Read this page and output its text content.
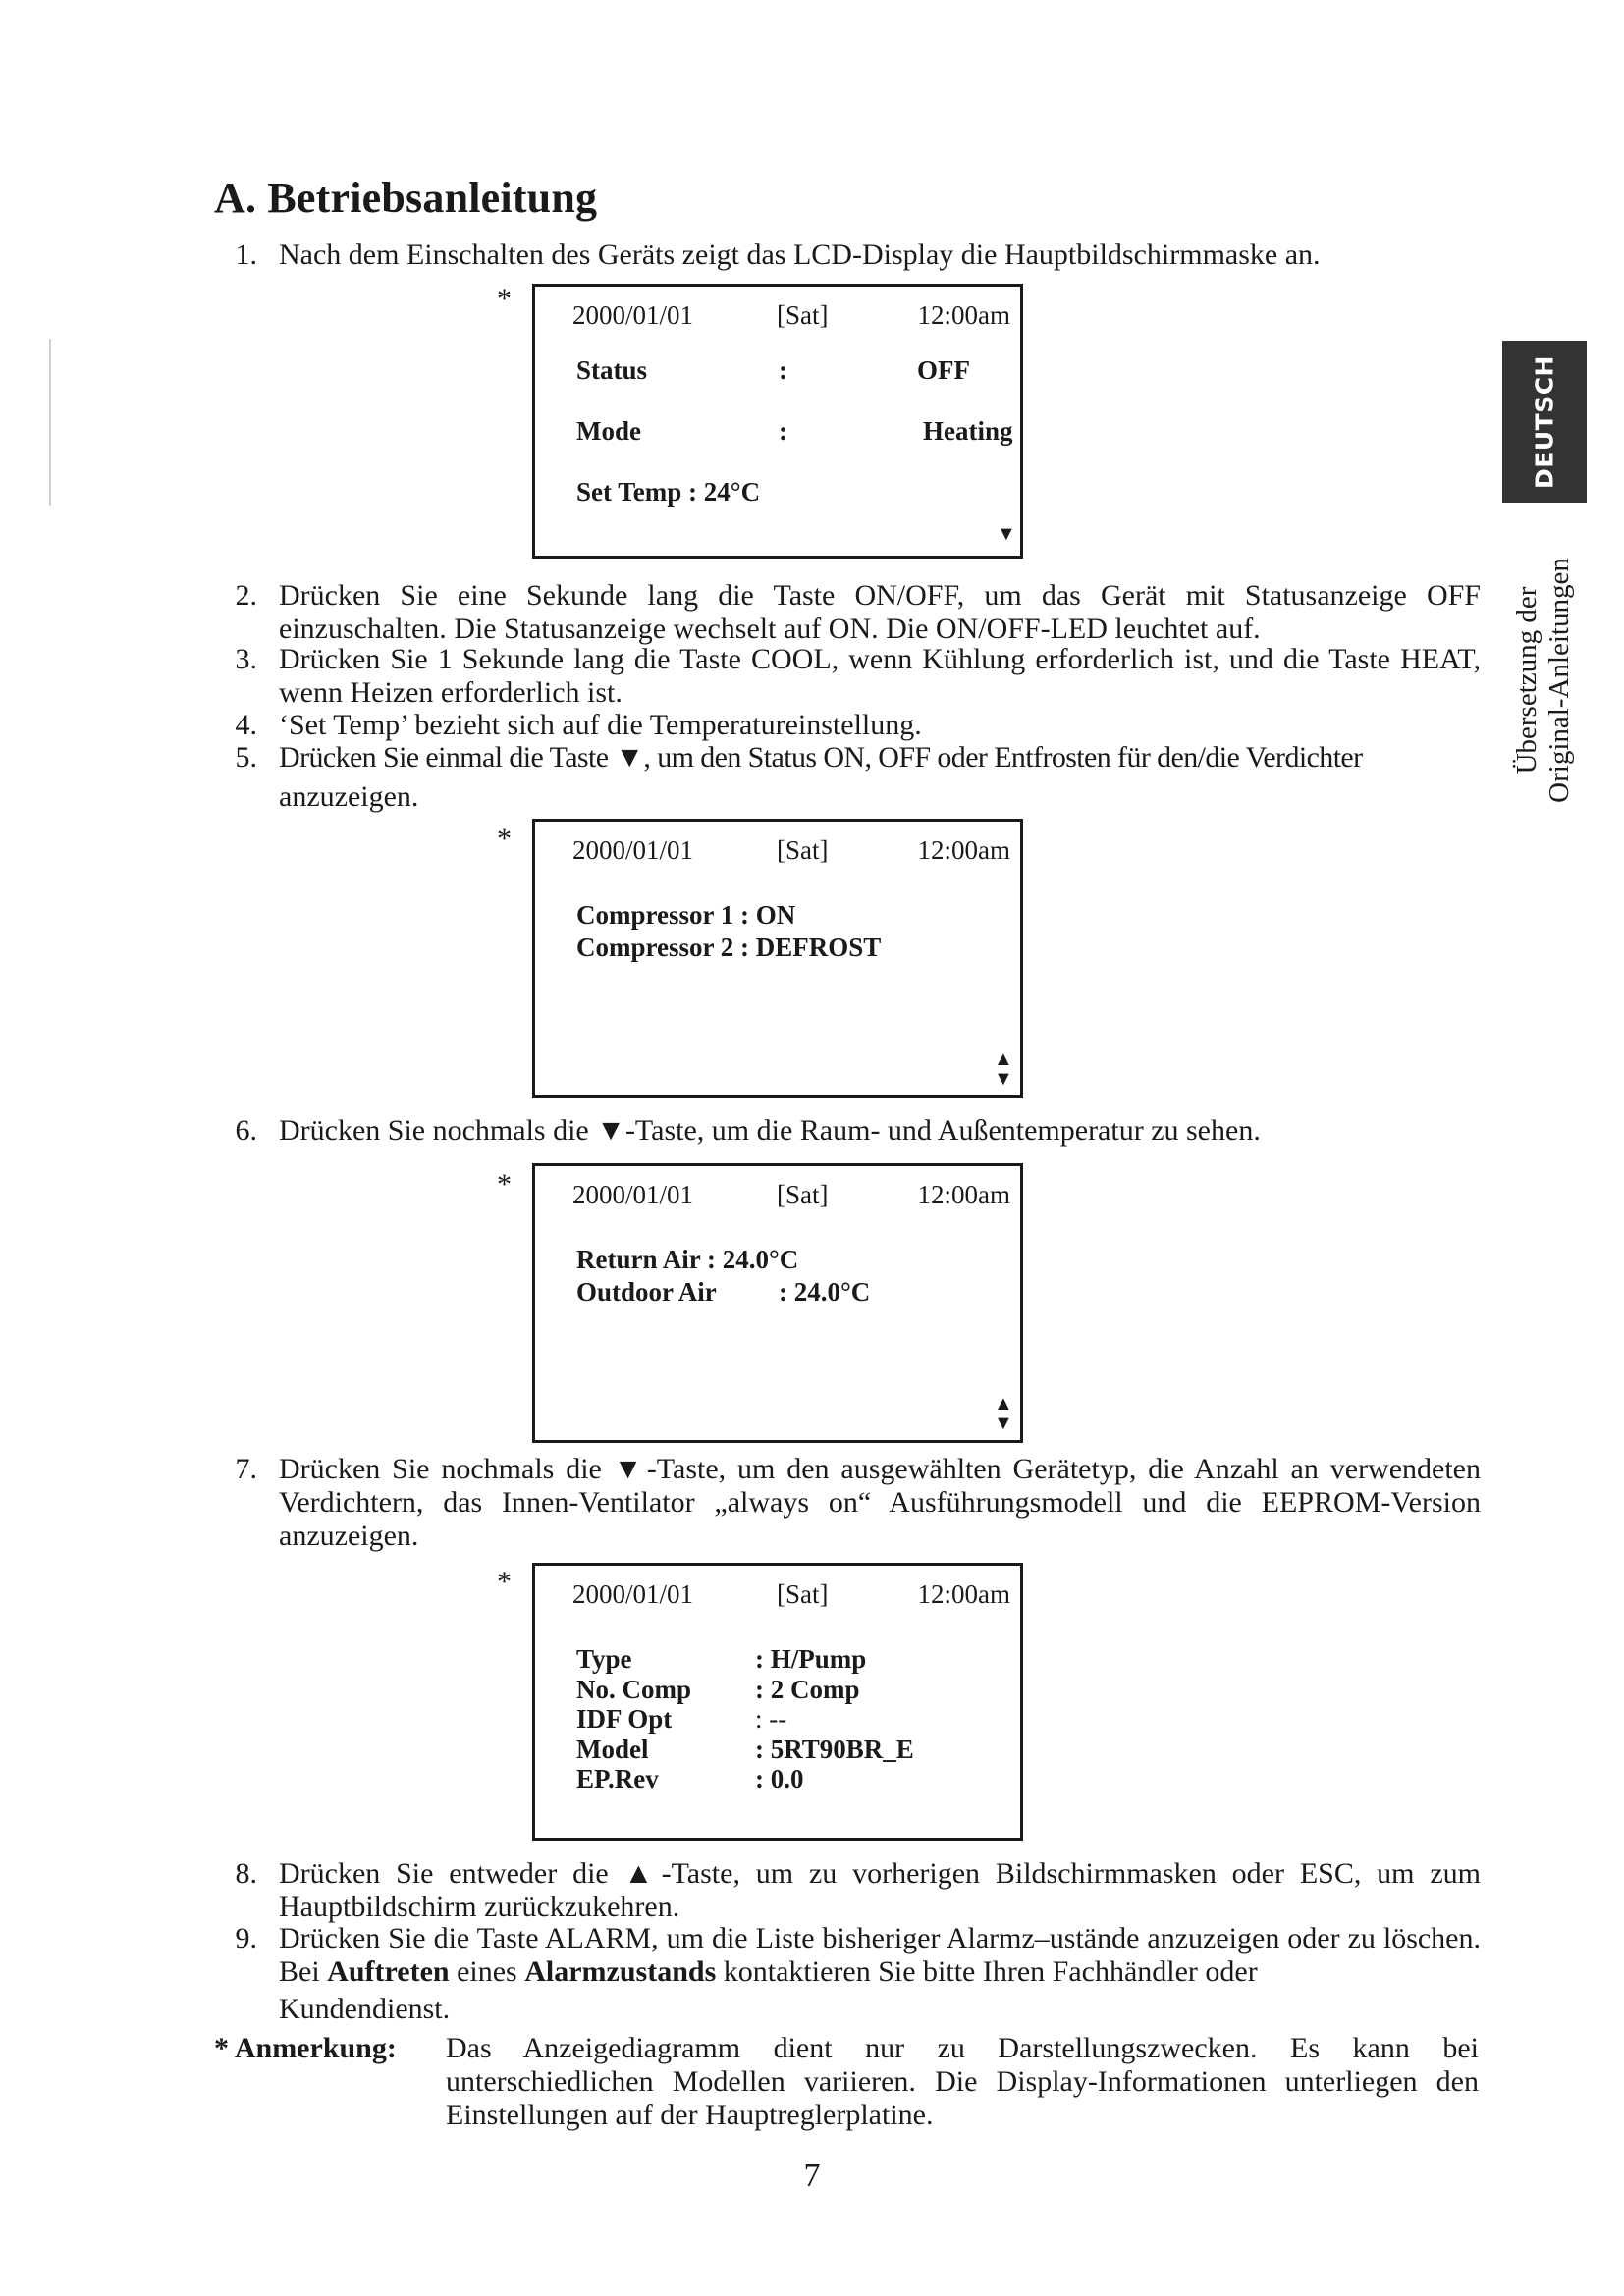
A. Betriebsanleitung
DEUTSCH
Übersetzung der Original-Anleitungen
1. Nach dem Einschalten des Geräts zeigt das LCD-Display die Hauptbildschirmmaske an.
* 2000/01/01	[Sat]	12:00am
Status	:	OFF
Mode	:	Heating
Set Temp : 24°C
▼
2. Drücken Sie eine Sekunde lang die Taste ON/OFF, um das Gerät mit Statusanzeige OFF einzuschalten. Die Statusanzeige wechselt auf ON. Die ON/OFF-LED leuchtet auf.
3. Drücken Sie 1 Sekunde lang die Taste COOL, wenn Kühlung erforderlich ist, und die Taste HEAT, wenn Heizen erforderlich ist.
4. ‘Set Temp’ bezieht sich auf die Temperatureinstellung.
5. Drücken Sie einmal die Taste ▼, um den Status ON, OFF oder Entfrosten für den/die Verdichter
anzuzeigen.
* 2000/01/01	[Sat]	12:00am
Compressor 1 : ON
Compressor 2 : DEFROST
▲
▼
6. Drücken Sie nochmals die ▼-Taste, um die Raum- und Außentemperatur zu sehen.
* 2000/01/01	[Sat]	12:00am
Return Air : 24.0°C
Outdoor Air : 24.0°C
▲
▼
7. Drücken Sie nochmals die ▼-Taste, um den ausgewählten Gerätetyp, die Anzahl an verwendeten Verdichtern, das Innen-Ventilator „always on“ Ausführungsmodell und die EEPROM-Version anzuzeigen.
* 2000/01/01	[Sat]	12:00am
Type	: H/Pump
No. Comp : 2 Comp
IDF Opt	: --
Model	: 5RT90BR_E
EP.Rev	: 0.0
8. Drücken Sie entweder die ▲-Taste, um zu vorherigen Bildschirmmasken oder ESC, um zum Hauptbildschirm zurückzukehren.
9. Drücken Sie die Taste ALARM, um die Liste bisheriger Alarmz–ustände anzuzeigen oder zu löschen. Bei Auftreten eines Alarmzustands kontaktieren Sie bitte Ihren Fachhändler oder
Kundendienst.
* Anmerkung: Das Anzeigediagramm dient nur zu Darstellungszwecken. Es kann bei unterschiedlichen Modellen variieren. Die Display-Informationen unterliegen den Einstellungen auf der Hauptreglerplatine.
7
